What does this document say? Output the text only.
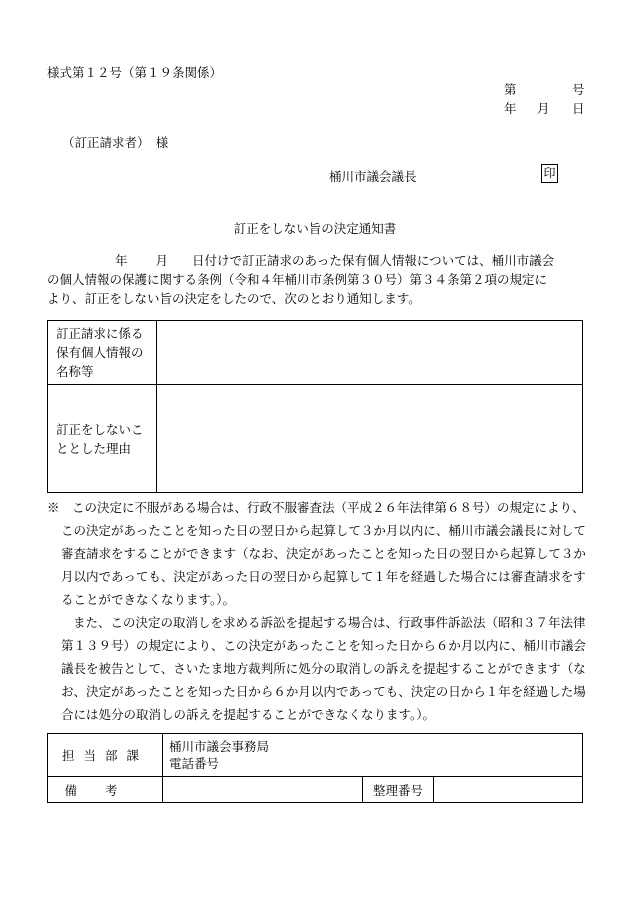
様式第１２号（第１９条関係）
第	号
年 月 日
（訂正請求者）　様
桶川市議会議長	印
訂正をしない旨の決定通知書
年 月 日付けで訂正請求のあった保有個人情報については、桶川市議会
の個人情報の保護に関する条例（令和４年桶川市条例第３０号）第３４条第２項の規定に
より、訂正をしない旨の決定をしたので、次のとおり通知します。
訂正請求に係る
保有個人情報の
名称等	

訂正をしないこ
ととした理由	

※　この決定に不服がある場合は、行政不服審査法（平成２６年法律第６８号）の規定により、
この決定があったことを知った日の翌日から起算して３か月以内に、桶川市議会議長に対して
審査請求をすることができます（なお、決定があったことを知った日の翌日から起算して３か
月以内であっても、決定があった日の翌日から起算して１年を経過した場合には審査請求をす
ることができなくなります。）。
また、この決定の取消しを求める訴訟を提起する場合は、行政事件訴訟法（昭和３７年法律
第１３９号）の規定により、この決定があったことを知った日から６か月以内に、桶川市議会
議長を被告として、さいたま地方裁判所に処分の取消しの訴えを提起することができます（な
お、決定があったことを知った日から６か月以内であっても、決定の日から１年を経過した場
合には処分の取消しの訴えを提起することができなくなります。）。
担当部課	桶川市議会事務局
電話番号		

備考		整理番号	
